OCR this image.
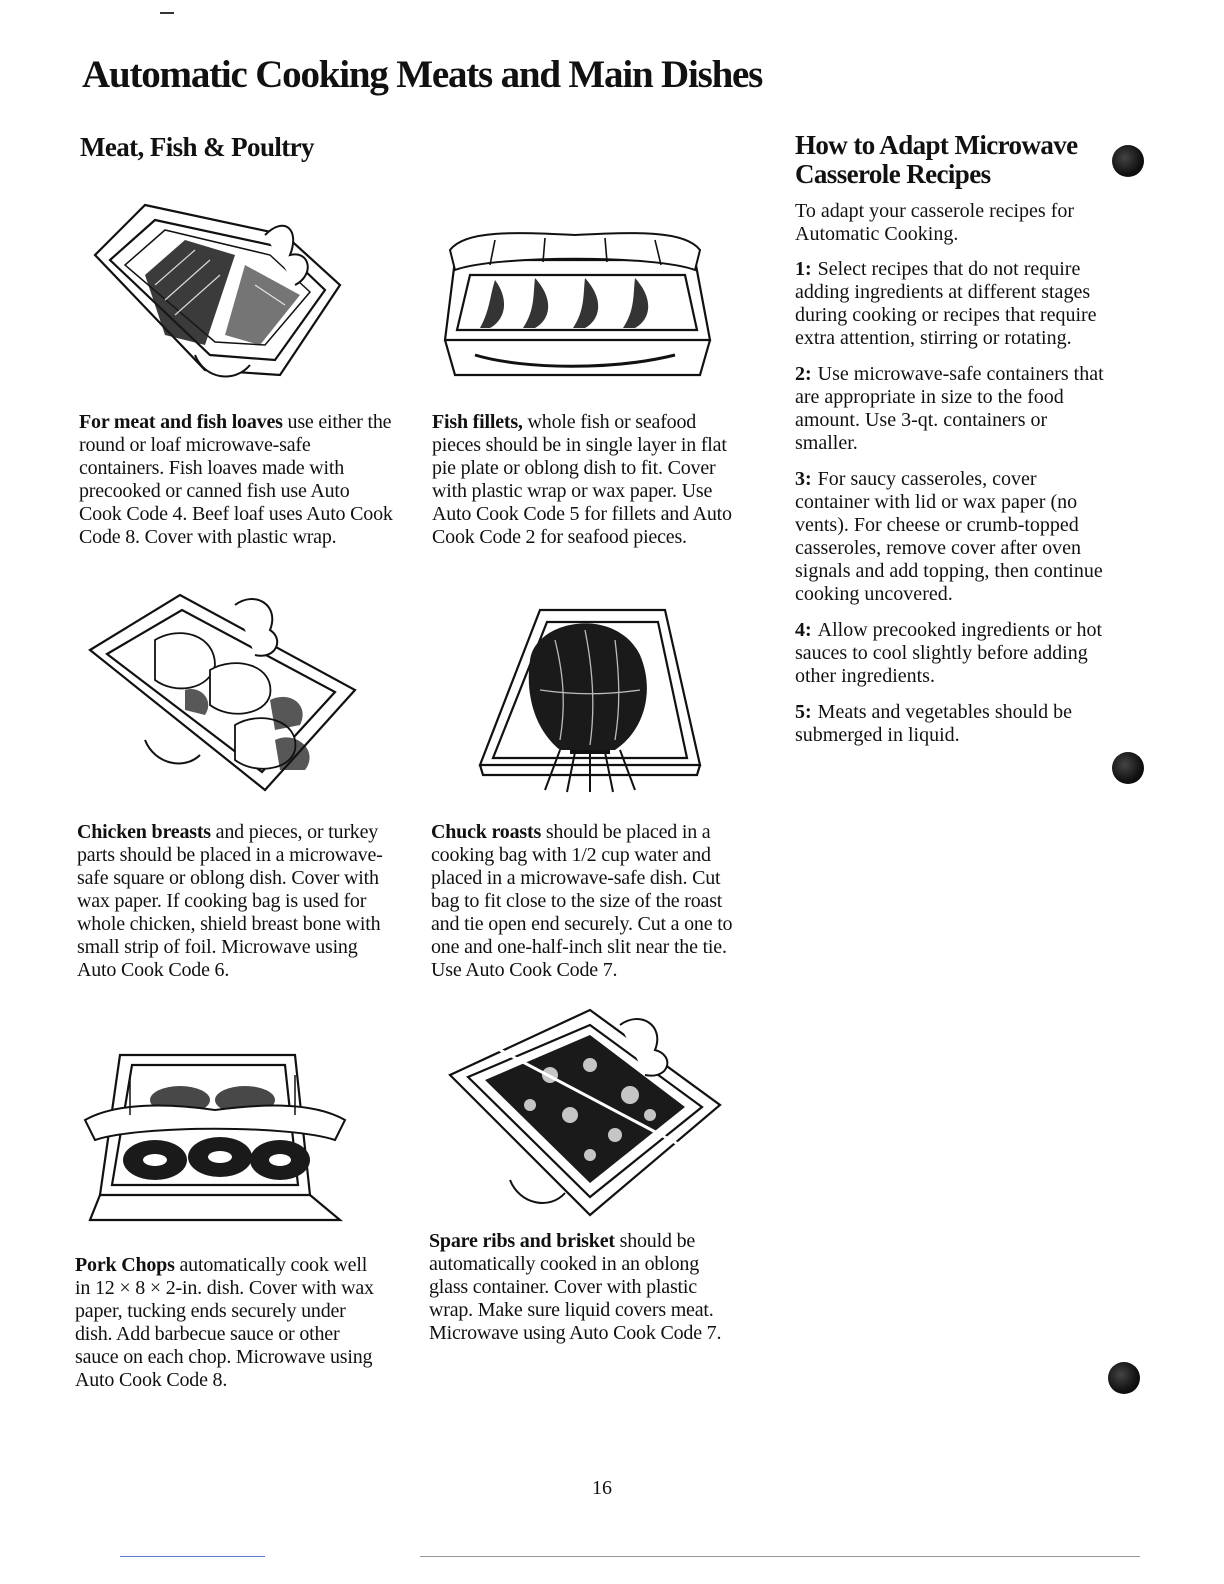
Automatic Cooking Meats and Main Dishes
Meat, Fish & Poultry	How to Adapt Microwave
Casserole Recipes

For meat and fish loaves use either the round or loaf microwave-safe containers. Fish loaves made with precooked or canned fish use Auto Cook Code 4. Beef loaf uses Auto Cook Code 8. Cover with plastic wrap.

Fish fillets, whole fish or seafood pieces should be in single layer in flat pie plate or oblong dish to fit. Cover with plastic wrap or wax paper. Use Auto Cook Code 5 for fillets and Auto Cook Code 2 for seafood pieces.

Chicken breasts and pieces, or turkey parts should be placed in a microwave-safe square or oblong dish. Cover with wax paper. If cooking bag is used for whole chicken, shield breast bone with small strip of foil. Microwave using Auto Cook Code 6.

Chuck roasts should be placed in a cooking bag with 1/2 cup water and placed in a microwave-safe dish. Cut bag to fit close to the size of the roast and tie open end securely. Cut a one to one and one-half-inch slit near the tie. Use Auto Cook Code 7.

Pork Chops automatically cook well in 12 × 8 × 2-in. dish. Cover with wax paper, tucking ends securely under dish. Add barbecue sauce or other sauce on each chop. Microwave using Auto Cook Code 8.

Spare ribs and brisket should be automatically cooked in an oblong glass container. Cover with plastic wrap. Make sure liquid covers meat. Microwave using Auto Cook Code 7.

To adapt your casserole recipes for Automatic Cooking.

1: Select recipes that do not require adding ingredients at different stages during cooking or recipes that require extra attention, stirring or rotating.

2: Use microwave-safe containers that are appropriate in size to the food amount. Use 3-qt. containers or smaller.

3: For saucy casseroles, cover container with lid or wax paper (no vents). For cheese or crumb-topped casseroles, remove cover after oven signals and add topping, then continue cooking uncovered.

4: Allow precooked ingredients or hot sauces to cool slightly before adding other ingredients.

5: Meats and vegetables should be submerged in liquid.

16
